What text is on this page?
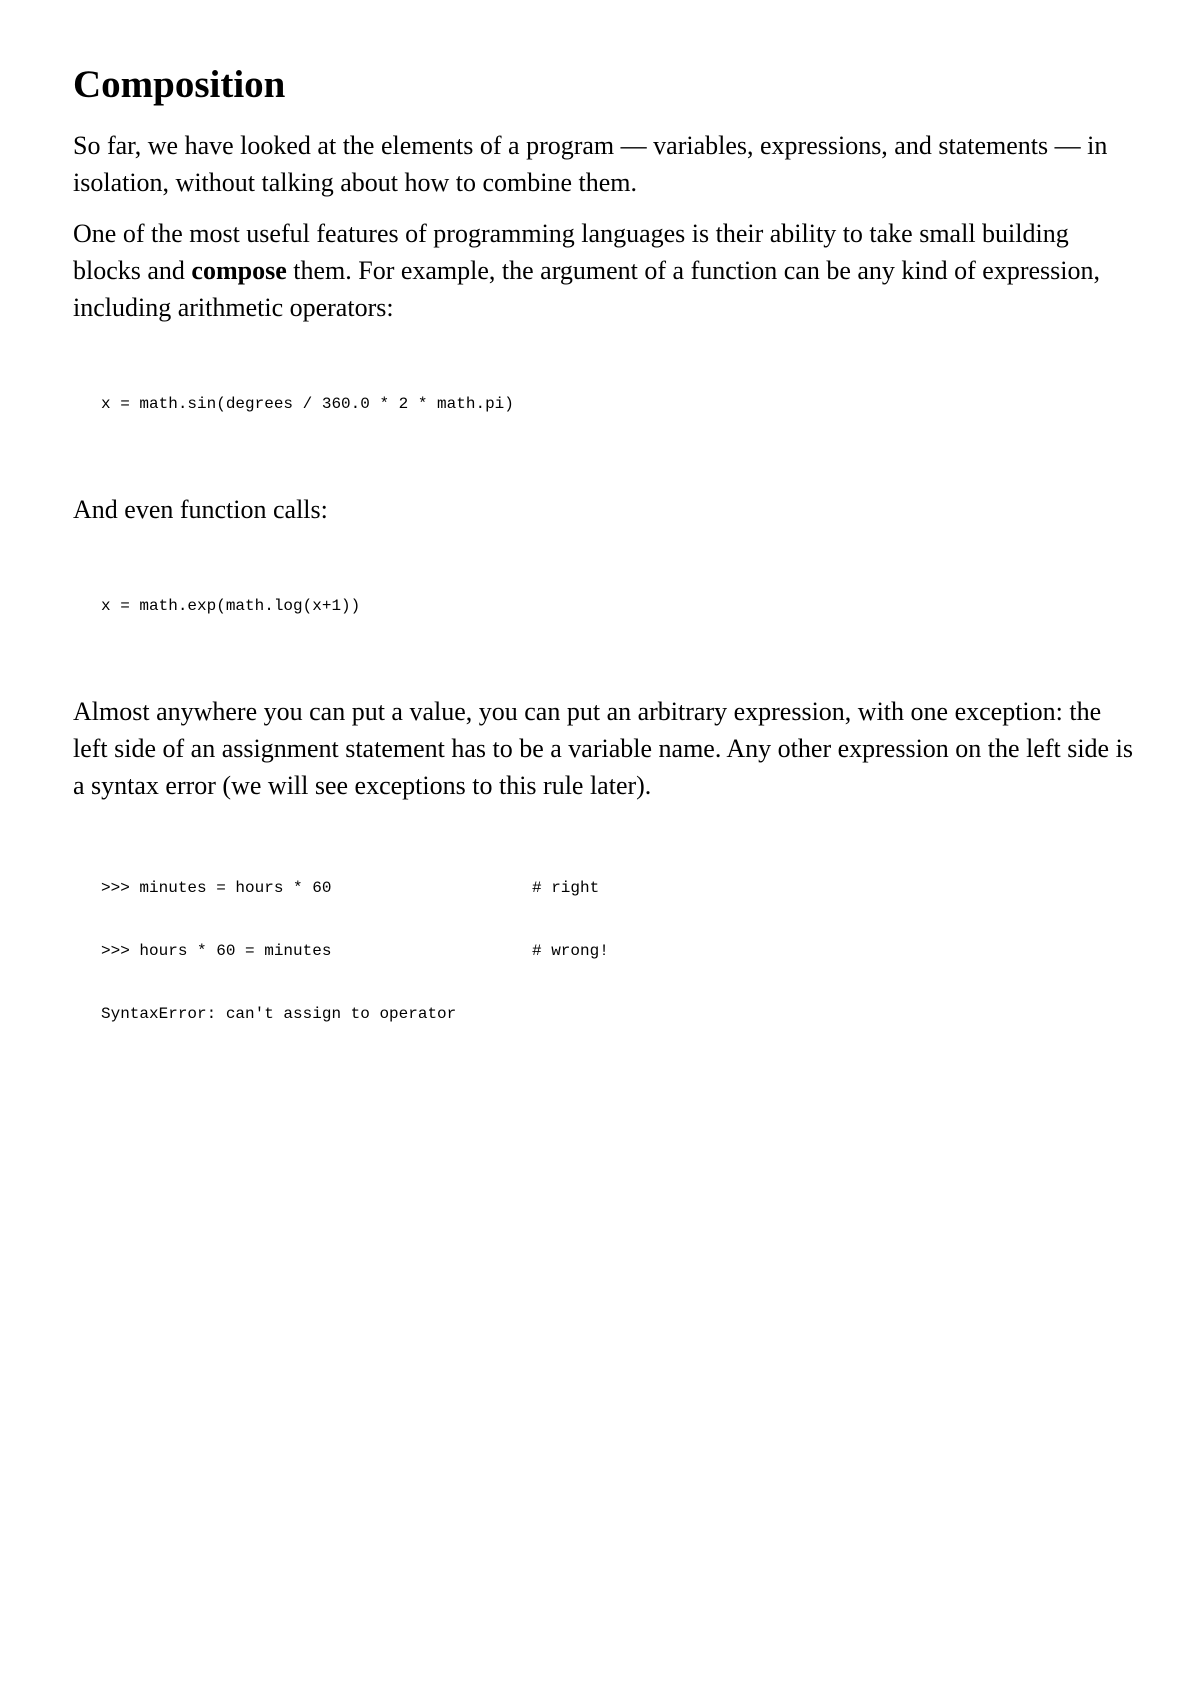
Composition

So far, we have looked at the elements of a program — variables, expressions, and statements — in isolation, without talking about how to combine them.

One of the most useful features of programming languages is their ability to take small building blocks and compose them. For example, the argument of a function can be any kind of expression, including arithmetic operators:

x = math.sin(degrees / 360.0 * 2 * math.pi)

And even function calls:

x = math.exp(math.log(x+1))

Almost anywhere you can put a value, you can put an arbitrary expression, with one exception: the left side of an assignment statement has to be a variable name. Any other expression on the left side is a syntax error (we will see exceptions to this rule later).

>>> minutes = hours * 60	# right

>>> hours * 60 = minutes	# wrong!

SyntaxError: can't assign to operator
